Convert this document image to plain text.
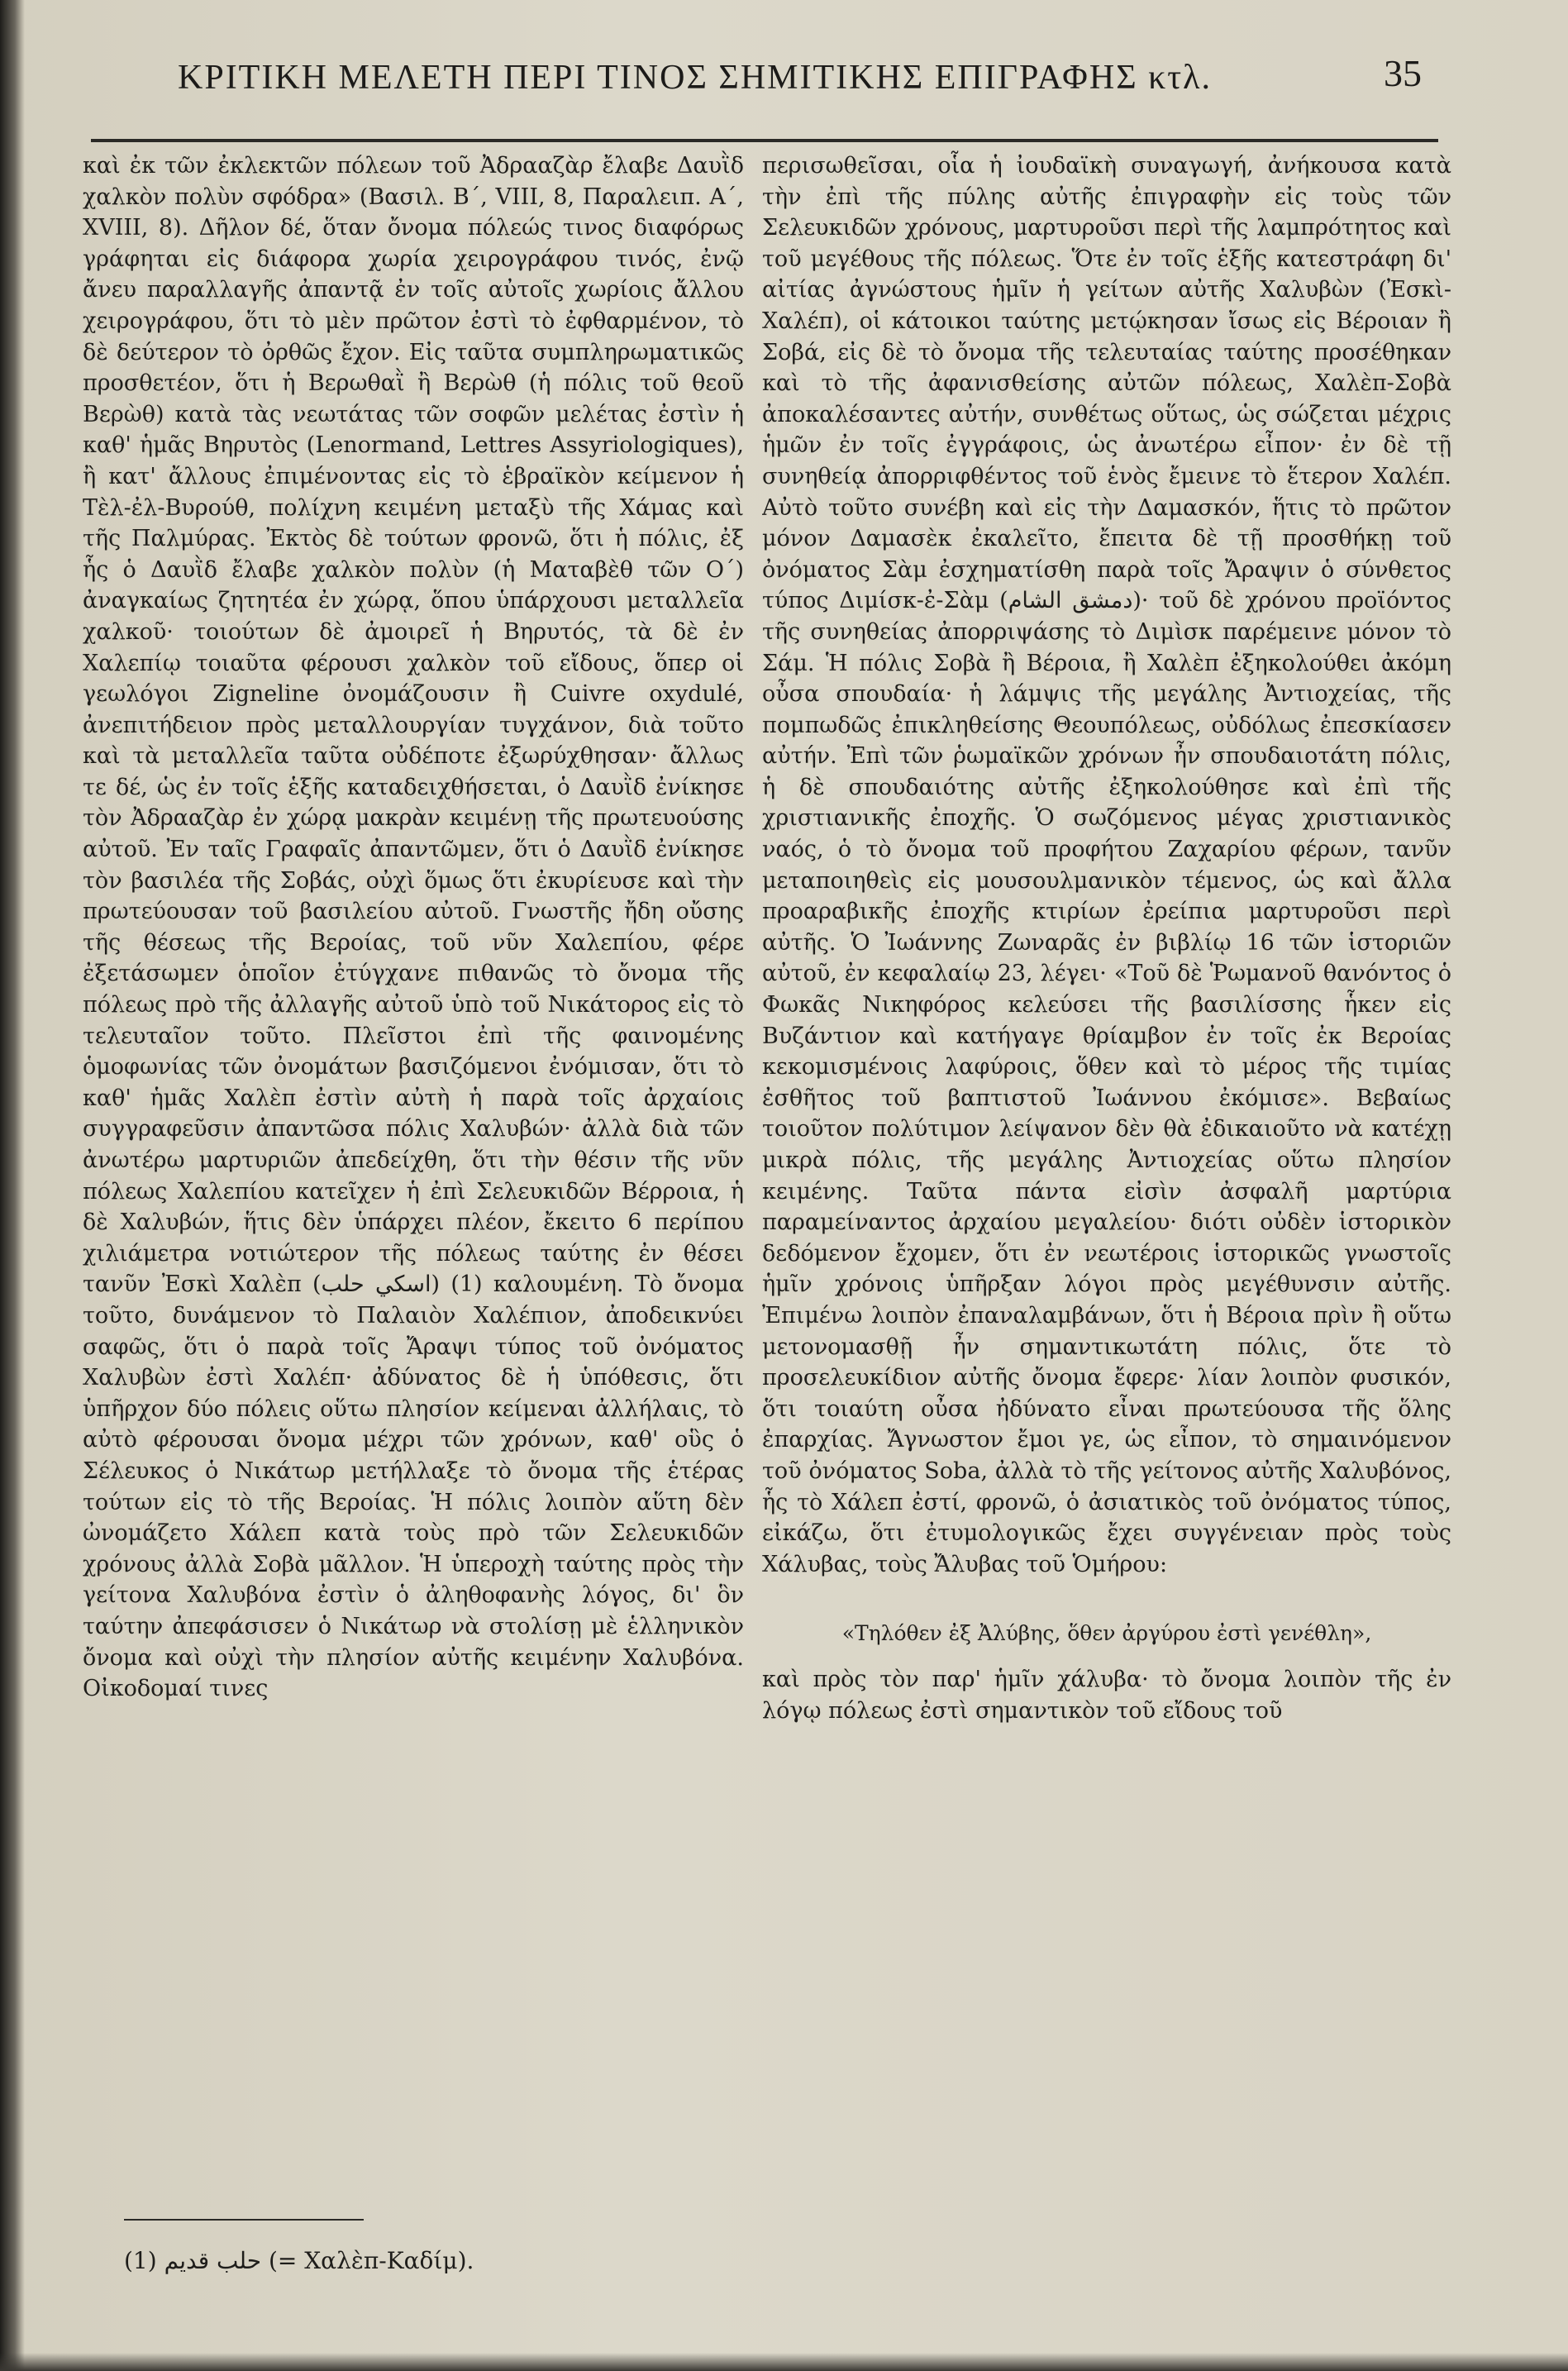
ΚΡΙΤΙΚΗ ΜΕΛΕΤΗ ΠΕΡΙ ΤΙΝΟΣ ΣΗΜΙΤΙΚΗΣ ΕΠΙΓΡΑΦΗΣ κτλ.	35

καὶ ἐκ τῶν ἐκλεκτῶν πόλεων τοῦ Ἀδρααζὰρ ἔλαβε Δαυῒδ χαλκὸν πολὺν σφόδρα» (Βασιλ. Β΄, VIII, 8, Παραλειπ. Α΄, XVIII, 8). Δῆλον δέ, ὅταν ὄνομα πόλεώς τινος διαφόρως γράφηται εἰς διάφορα χωρία χειρογράφου τινός, ἐνῷ ἄνευ παραλλαγῆς ἀπαντᾷ ἐν τοῖς αὐτοῖς χωρίοις ἄλλου χειρογράφου, ὅτι τὸ μὲν πρῶτον ἐστὶ τὸ ἐφθαρμένον, τὸ δὲ δεύτερον τὸ ὀρθῶς ἔχον. Εἰς ταῦτα συμπληρωματικῶς προσθετέον, ὅτι ἡ Βερωθαῒ ἢ Βερὼθ (ἡ πόλις τοῦ θεοῦ Βερὼθ) κατὰ τὰς νεωτάτας τῶν σοφῶν μελέτας ἐστὶν ἡ καθ' ἡμᾶς Βηρυτὸς (Lenormand, Lettres Assyriologiques), ἢ κατ' ἄλλους ἐπιμένοντας εἰς τὸ ἑβραϊκὸν κείμενον ἡ Τὲλ-ἐλ-Βυρούθ, πολίχνη κειμένη μεταξὺ τῆς Χάμας καὶ τῆς Παλμύρας. Ἐκτὸς δὲ τούτων φρονῶ, ὅτι ἡ πόλις, ἐξ ἧς ὁ Δαυῒδ ἔλαβε χαλκὸν πολὺν (ἡ Ματαβὲθ τῶν Ο΄) ἀναγκαίως ζητητέα ἐν χώρᾳ, ὅπου ὑπάρχουσι μεταλλεῖα χαλκοῦ· τοιούτων δὲ ἀμοιρεῖ ἡ Βηρυτός, τὰ δὲ ἐν Χαλεπίῳ τοιαῦτα φέρουσι χαλκὸν τοῦ εἴδους, ὅπερ οἱ γεωλόγοι Zigneline ὀνομάζουσιν ἢ Cuivre oxydulé, ἀνεπιτήδειον πρὸς μεταλλουργίαν τυγχάνον, διὰ τοῦτο καὶ τὰ μεταλλεῖα ταῦτα οὐδέποτε ἐξωρύχθησαν· ἄλλως τε δέ, ὡς ἐν τοῖς ἑξῆς καταδειχθήσεται, ὁ Δαυῒδ ἐνίκησε τὸν Ἀδρααζὰρ ἐν χώρᾳ μακρὰν κειμένῃ τῆς πρωτευούσης αὐτοῦ. Ἐν ταῖς Γραφαῖς ἀπαντῶμεν, ὅτι ὁ Δαυῒδ ἐνίκησε τὸν βασιλέα τῆς Σοβάς, οὐχὶ ὅμως ὅτι ἐκυρίευσε καὶ τὴν πρωτεύουσαν τοῦ βασιλείου αὐτοῦ. Γνωστῆς ἤδη οὔσης τῆς θέσεως τῆς Βεροίας, τοῦ νῦν Χαλεπίου, φέρε ἐξετάσωμεν ὁποῖον ἐτύγχανε πιθανῶς τὸ ὄνομα τῆς πόλεως πρὸ τῆς ἀλλαγῆς αὐτοῦ ὑπὸ τοῦ Νικάτορος εἰς τὸ τελευταῖον τοῦτο. Πλεῖστοι ἐπὶ τῆς φαινομένης ὁμοφωνίας τῶν ὀνομάτων βασιζόμενοι ἐνόμισαν, ὅτι τὸ καθ' ἡμᾶς Χαλὲπ ἐστὶν αὐτὴ ἡ παρὰ τοῖς ἀρχαίοις συγγραφεῦσιν ἀπαντῶσα πόλις Χαλυβών· ἀλλὰ διὰ τῶν ἀνωτέρω μαρτυριῶν ἀπεδείχθη, ὅτι τὴν θέσιν τῆς νῦν πόλεως Χαλεπίου κατεῖχεν ἡ ἐπὶ Σελευκιδῶν Βέρροια, ἡ δὲ Χαλυβών, ἥτις δὲν ὑπάρχει πλέον, ἔκειτο 6 περίπου χιλιάμετρα νοτιώτερον τῆς πόλεως ταύτης ἐν θέσει τανῦν Ἐσκὶ Χαλὲπ (اسكي حلب) (1) καλουμένη. Τὸ ὄνομα τοῦτο, δυνάμενον τὸ Παλαιὸν Χαλέπιον, ἀποδεικνύει σαφῶς, ὅτι ὁ παρὰ τοῖς Ἄραψι τύπος τοῦ ὀνόματος Χαλυβὼν ἐστὶ Χαλέπ· ἀδύνατος δὲ ἡ ὑπόθεσις, ὅτι ὑπῆρχον δύο πόλεις οὕτω πλησίον κείμεναι ἀλλήλαις, τὸ αὐτὸ φέρουσαι ὄνομα μέχρι τῶν χρόνων, καθ' οὓς ὁ Σέλευκος ὁ Νικάτωρ μετήλλαξε τὸ ὄνομα τῆς ἑτέρας τούτων εἰς τὸ τῆς Βεροίας. Ἡ πόλις λοιπὸν αὕτη δὲν ὠνομάζετο Χάλεπ κατὰ τοὺς πρὸ τῶν Σελευκιδῶν χρόνους ἀλλὰ Σοβὰ μᾶλλον. Ἡ ὑπεροχὴ ταύτης πρὸς τὴν γείτονα Χαλυβόνα ἐστὶν ὁ ἀληθοφανὴς λόγος, δι' ὃν ταύτην ἀπεφάσισεν ὁ Νικάτωρ νὰ στολίσῃ μὲ ἑλληνικὸν ὄνομα καὶ οὐχὶ τὴν πλησίον αὐτῆς κειμένην Χαλυβόνα. Οἰκοδομαί τινες

περισωθεῖσαι, οἷα ἡ ἰουδαϊκὴ συναγωγή, ἀνήκουσα κατὰ τὴν ἐπὶ τῆς πύλης αὐτῆς ἐπιγραφὴν εἰς τοὺς τῶν Σελευκιδῶν χρόνους, μαρτυροῦσι περὶ τῆς λαμπρότητος καὶ τοῦ μεγέθους τῆς πόλεως. Ὅτε ἐν τοῖς ἑξῆς κατεστράφη δι' αἰτίας ἀγνώστους ἡμῖν ἡ γείτων αὐτῆς Χαλυβὼν (Ἐσκὶ-Χαλέπ), οἱ κάτοικοι ταύτης μετῴκησαν ἴσως εἰς Βέροιαν ἢ Σοβά, εἰς δὲ τὸ ὄνομα τῆς τελευταίας ταύτης προσέθηκαν καὶ τὸ τῆς ἀφανισθείσης αὐτῶν πόλεως, Χαλὲπ-Σοβὰ ἀποκαλέσαντες αὐτήν, συνθέτως οὕτως, ὡς σώζεται μέχρις ἡμῶν ἐν τοῖς ἐγγράφοις, ὡς ἀνωτέρω εἶπον· ἐν δὲ τῇ συνηθείᾳ ἀπορριφθέντος τοῦ ἑνὸς ἔμεινε τὸ ἕτερον Χαλέπ. Αὐτὸ τοῦτο συνέβη καὶ εἰς τὴν Δαμασκόν, ἥτις τὸ πρῶτον μόνον Δαμασὲκ ἐκαλεῖτο, ἔπειτα δὲ τῇ προσθήκῃ τοῦ ὀνόματος Σὰμ ἐσχηματίσθη παρὰ τοῖς Ἄραψιν ὁ σύνθετος τύπος Διμίσκ-ἐ-Σὰμ (دمشق الشام)· τοῦ δὲ χρόνου προϊόντος τῆς συνηθείας ἀπορριψάσης τὸ Διμὶσκ παρέμεινε μόνον τὸ Σάμ. Ἡ πόλις Σοβὰ ἢ Βέροια, ἢ Χαλὲπ ἐξηκολούθει ἀκόμη οὖσα σπουδαία· ἡ λάμψις τῆς μεγάλης Ἀντιοχείας, τῆς πομπωδῶς ἐπικληθείσης Θεουπόλεως, οὐδόλως ἐπεσκίασεν αὐτήν. Ἐπὶ τῶν ῥωμαϊκῶν χρόνων ἦν σπουδαιοτάτη πόλις, ἡ δὲ σπουδαιότης αὐτῆς ἐξηκολούθησε καὶ ἐπὶ τῆς χριστιανικῆς ἐποχῆς. Ὁ σωζόμενος μέγας χριστιανικὸς ναός, ὁ τὸ ὄνομα τοῦ προφήτου Ζαχαρίου φέρων, τανῦν μεταποιηθεὶς εἰς μουσουλμανικὸν τέμενος, ὡς καὶ ἄλλα προαραβικῆς ἐποχῆς κτιρίων ἐρείπια μαρτυροῦσι περὶ αὐτῆς. Ὁ Ἰωάννης Ζωναρᾶς ἐν βιβλίῳ 16 τῶν ἱστοριῶν αὐτοῦ, ἐν κεφαλαίῳ 23, λέγει· «Τοῦ δὲ Ῥωμανοῦ θανόντος ὁ Φωκᾶς Νικηφόρος κελεύσει τῆς βασιλίσσης ἧκεν εἰς Βυζάντιον καὶ κατήγαγε θρίαμβον ἐν τοῖς ἐκ Βεροίας κεκομισμένοις λαφύροις, ὅθεν καὶ τὸ μέρος τῆς τιμίας ἐσθῆτος τοῦ βαπτιστοῦ Ἰωάννου ἐκόμισε». Βεβαίως τοιοῦτον πολύτιμον λείψανον δὲν θὰ ἐδικαιοῦτο νὰ κατέχῃ μικρὰ πόλις, τῆς μεγάλης Ἀντιοχείας οὕτω πλησίον κειμένης. Ταῦτα πάντα εἰσὶν ἀσφαλῆ μαρτύρια παραμείναντος ἀρχαίου μεγαλείου· διότι οὐδὲν ἱστορικὸν δεδόμενον ἔχομεν, ὅτι ἐν νεωτέροις ἱστορικῶς γνωστοῖς ἡμῖν χρόνοις ὑπῆρξαν λόγοι πρὸς μεγέθυνσιν αὐτῆς. Ἐπιμένω λοιπὸν ἐπαναλαμβάνων, ὅτι ἡ Βέροια πρὶν ἢ οὕτω μετονομασθῇ ἦν σημαντικωτάτη πόλις, ὅτε τὸ προσελευκίδιον αὐτῆς ὄνομα ἔφερε· λίαν λοιπὸν φυσικόν, ὅτι τοιαύτη οὖσα ἠδύνατο εἶναι πρωτεύουσα τῆς ὅλης ἐπαρχίας. Ἄγνωστον ἔμοι γε, ὡς εἶπον, τὸ σημαινόμενον τοῦ ὀνόματος Soba, ἀλλὰ τὸ τῆς γείτονος αὐτῆς Χαλυβόνος, ἧς τὸ Χάλεπ ἐστί, φρονῶ, ὁ ἀσιατικὸς τοῦ ὀνόματος τύπος, εἰκάζω, ὅτι ἐτυμολογικῶς ἔχει συγγένειαν πρὸς τοὺς Χάλυβας, τοὺς Ἄλυβας τοῦ Ὁμήρου:

«Τηλόθεν ἐξ Ἀλύβης, ὅθεν ἀργύρου ἐστὶ γενέθλη»,

καὶ πρὸς τὸν παρ' ἡμῖν χάλυβα· τὸ ὄνομα λοιπὸν τῆς ἐν λόγῳ πόλεως ἐστὶ σημαντικὸν τοῦ εἴδους τοῦ

(1) حلب قديم (= Χαλὲπ-Καδίμ).
